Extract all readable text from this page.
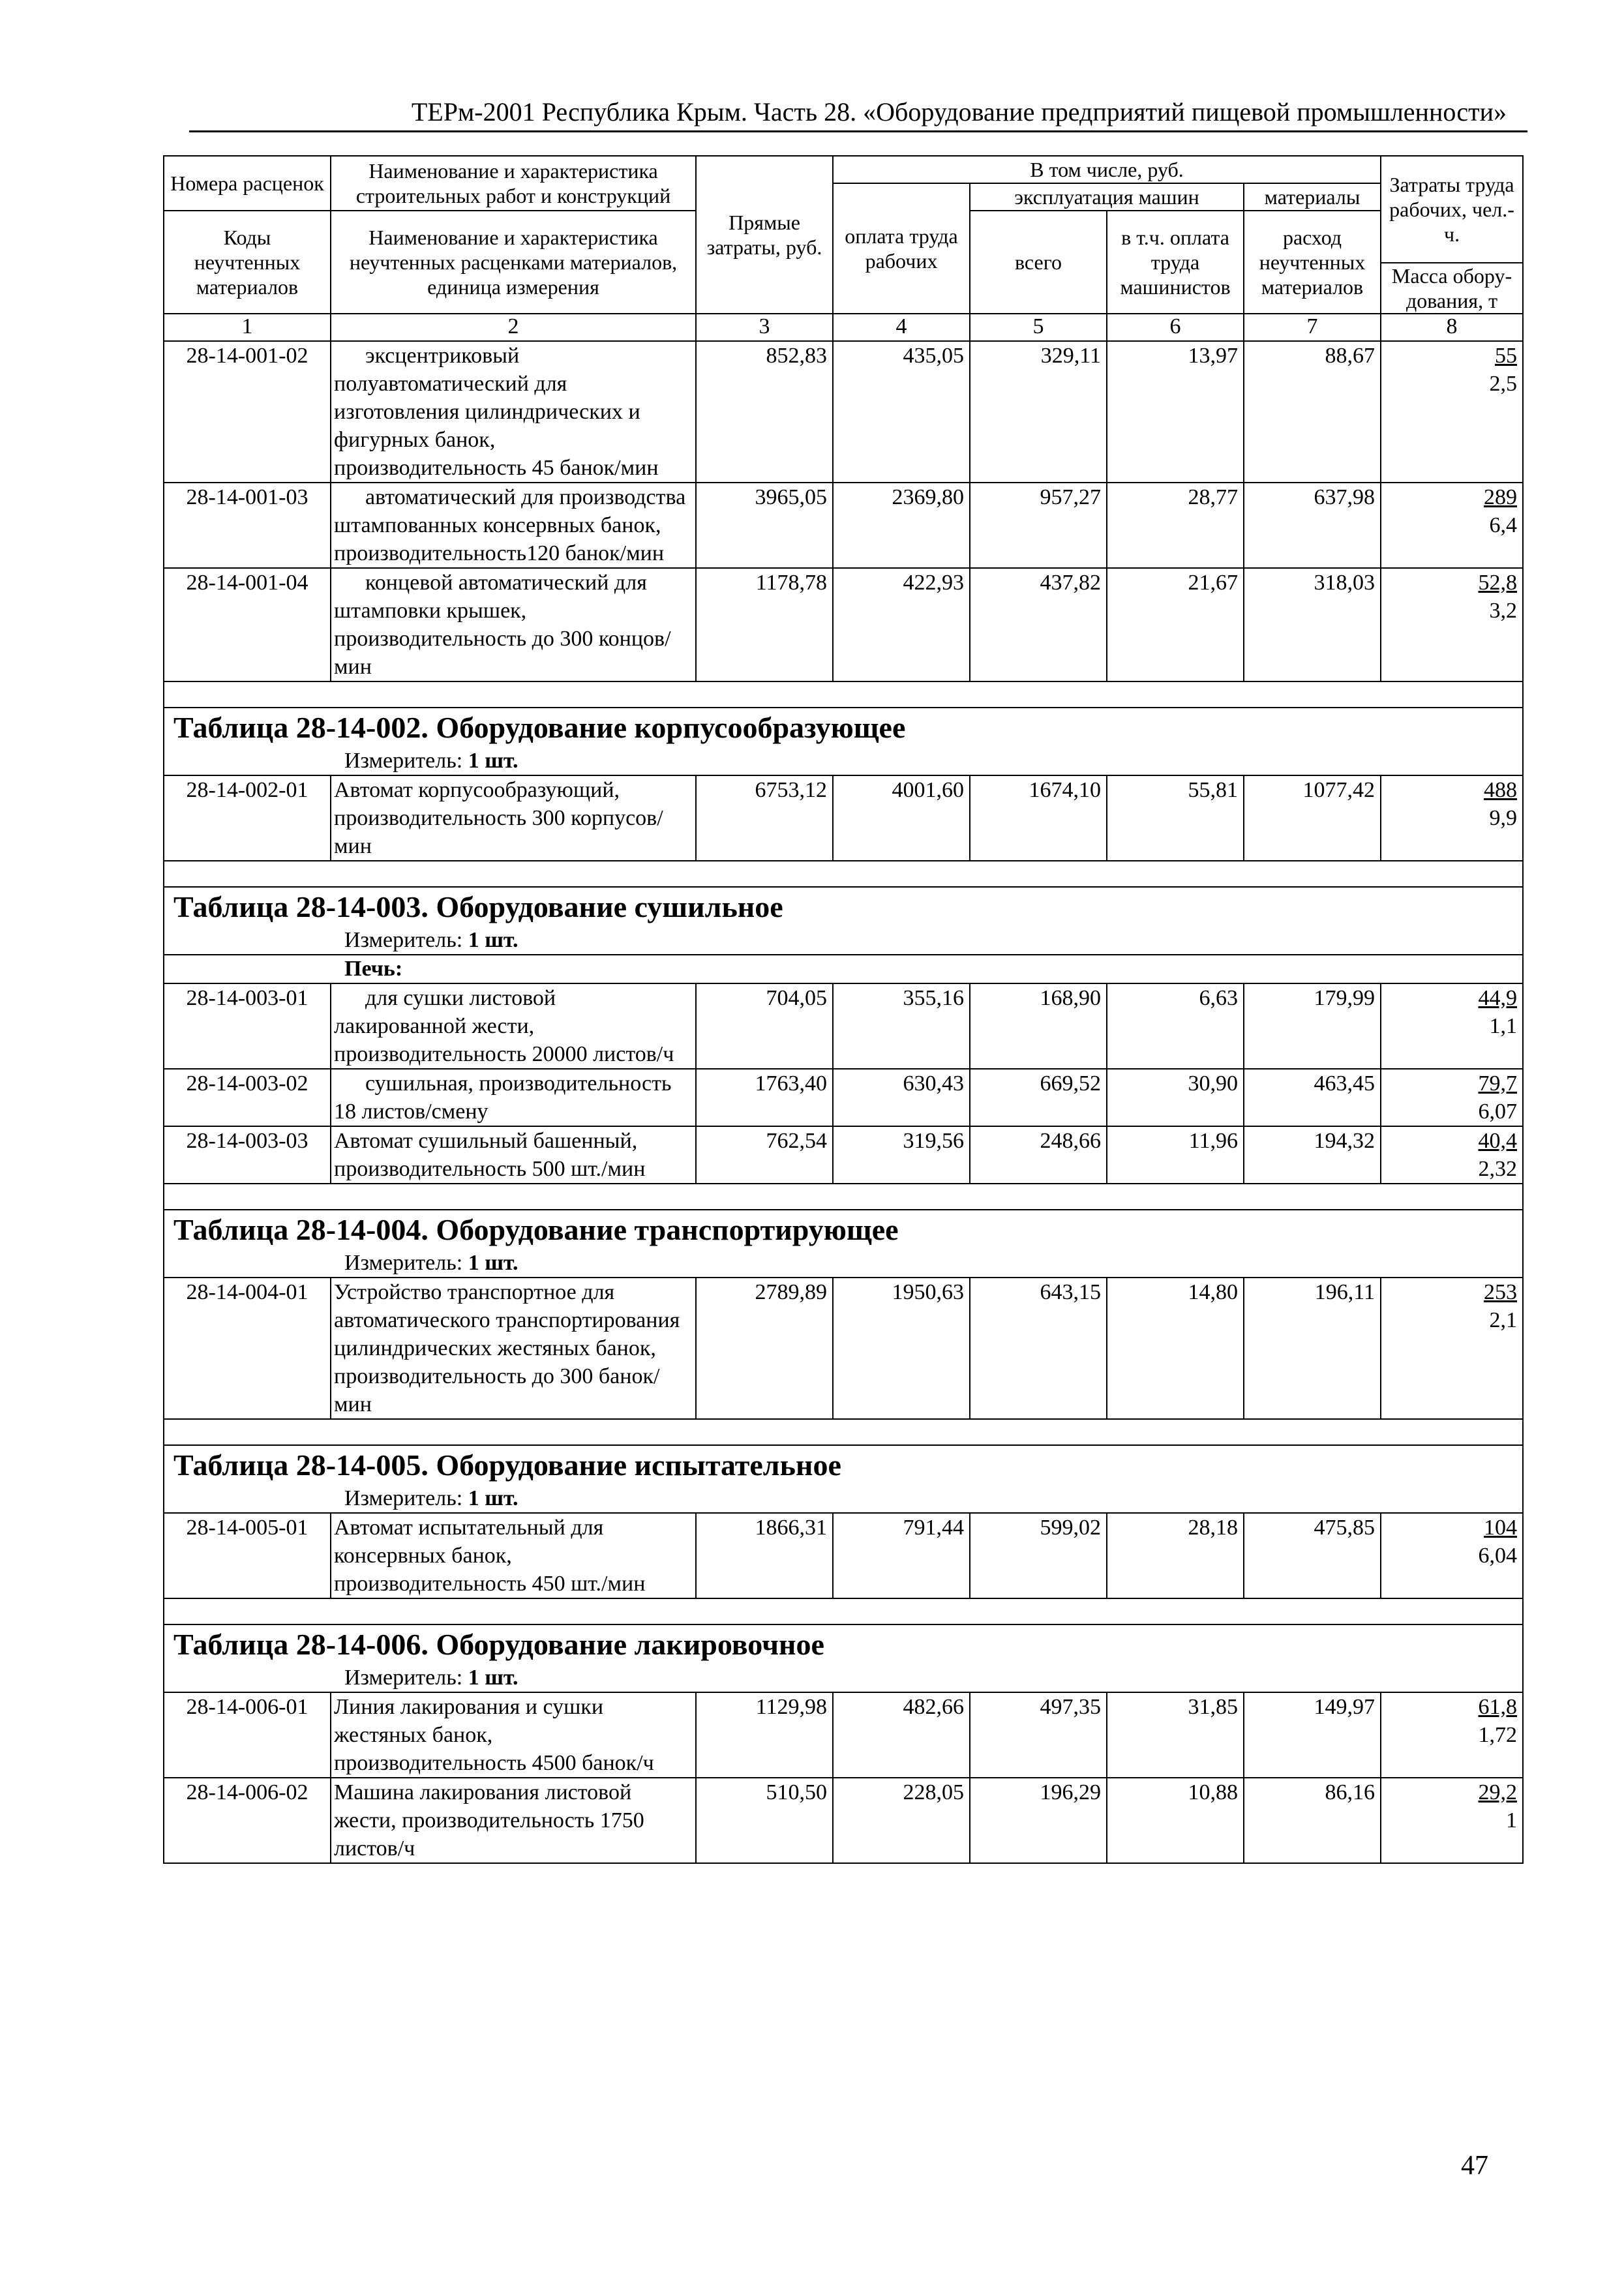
ТЕРм-2001 Республика Крым. Часть 28. «Оборудование предприятий пищевой промышленности»
Номера расценок	Наименование и характеристика строительных работ и конструкций	Прямые затраты, руб.	В том числе, руб.				Затраты труда рабочих, чел.-ч.
			оплата труда рабочих	эксплуатация машин		материалы	
Коды неучтенных материалов	Наименование и характеристика неучтенных расценками материалов, единица измерения			всего	в т.ч. оплата труда машинистов	расход неучтенных материалов	

							Масса обору-дования, т
1	2	3	4	5	6	7	8
28-14-001-02	эксцентриковый полуавтоматический для изготовления цилиндрических и фигурных банок, производительность 45 банок/мин	852,83	435,05	329,11	13,97	88,67	55
2,5

28-14-001-03	автоматический для производства штампованных консервных банок, производительность120 банок/мин	3965,05	2369,80	957,27	28,77	637,98	289
6,4

28-14-001-04	концевой автоматический для штамповки крышек, производительность до 300 концов/мин	1178,78	422,93	437,82	21,67	318,03	52,8
3,2

Таблица 28-14-002. Оборудование корпусообразующее							
Измеритель: 1 шт.							
28-14-002-01	Автомат корпусообразующий, производительность 300 корпусов/мин	6753,12	4001,60	1674,10	55,81	1077,42	488
9,9

Таблица 28-14-003. Оборудование сушильное							
Измеритель: 1 шт.							
Печь:							
28-14-003-01	для сушки листовой лакированной жести, производительность 20000 листов/ч	704,05	355,16	168,90	6,63	179,99	44,9
1,1

28-14-003-02	сушильная, производительность 18 листов/смену	1763,40	630,43	669,52	30,90	463,45	79,7
6,07

28-14-003-03	Автомат сушильный башенный, производительность 500 шт./мин	762,54	319,56	248,66	11,96	194,32	40,4
2,32

Таблица 28-14-004. Оборудование транспортирующее							
Измеритель: 1 шт.							
28-14-004-01	Устройство транспортное для автоматического транспортирования цилиндрических жестяных банок, производительность до 300 банок/мин	2789,89	1950,63	643,15	14,80	196,11	253
2,1

Таблица 28-14-005. Оборудование испытательное							
Измеритель: 1 шт.							
28-14-005-01	Автомат испытательный для консервных банок, производительность 450 шт./мин	1866,31	791,44	599,02	28,18	475,85	104
6,04

Таблица 28-14-006. Оборудование лакировочное							
Измеритель: 1 шт.							
28-14-006-01	Линия лакирования и сушки жестяных банок, производительность 4500 банок/ч	1129,98	482,66	497,35	31,85	149,97	61,8
1,72

28-14-006-02	Машина лакирования листовой жести, производительность 1750 листов/ч	510,50	228,05	196,29	10,88	86,16	29,2
1
47
